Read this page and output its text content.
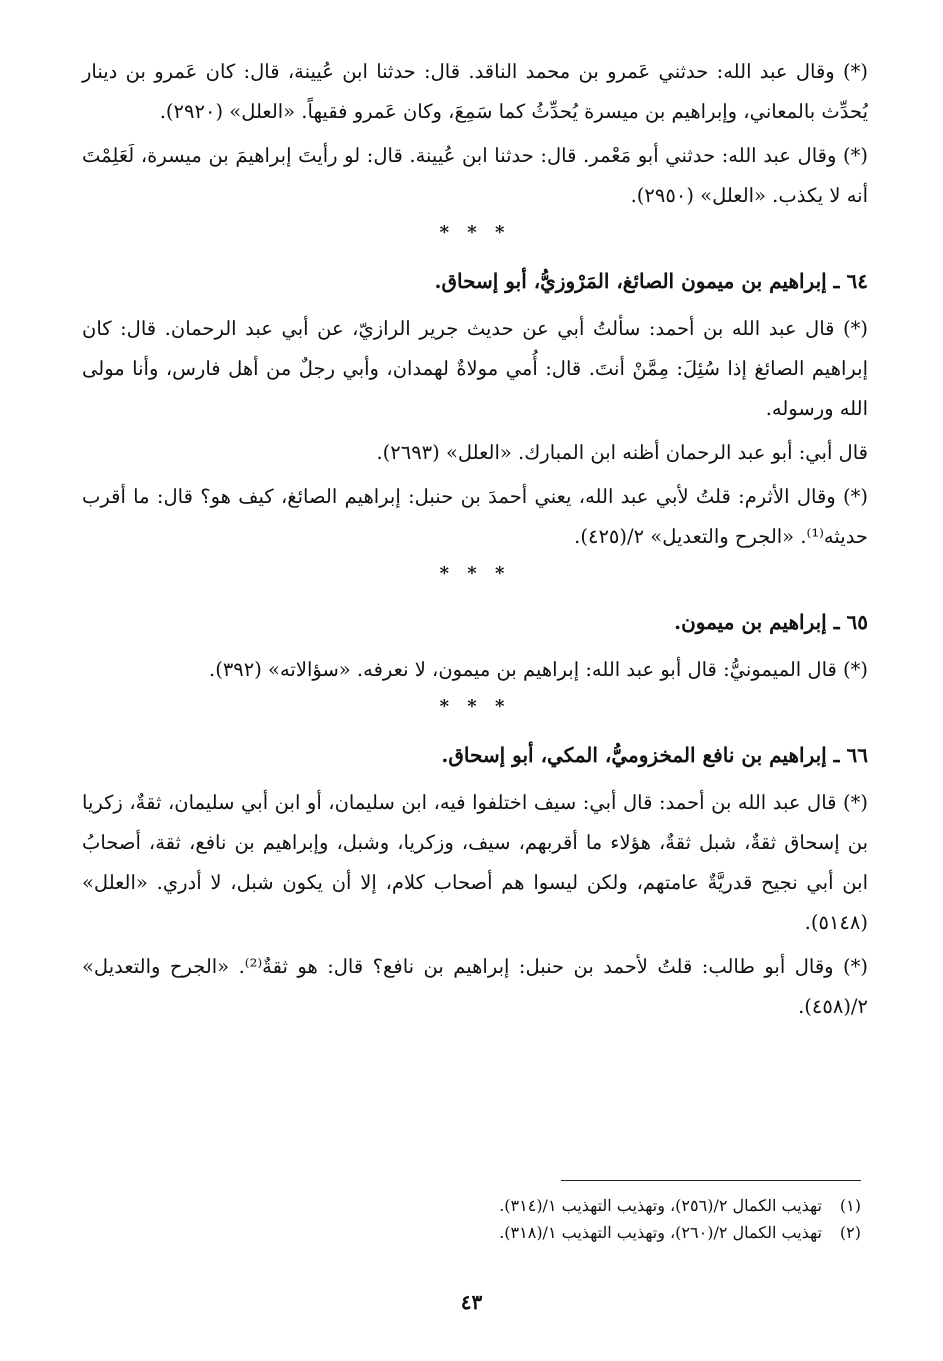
(*) وقال عبد الله: حدثني عَمرو بن محمد الناقد. قال: حدثنا ابن عُيينة، قال: كان عَمرو بن دينار يُحدِّث بالمعاني، وإبراهيم بن ميسرة يُحدِّثُ كما سَمِعَ، وكان عَمرو فقيهاً. «العلل» (٢٩٢٠).

(*) وقال عبد الله: حدثني أبو مَعْمر. قال: حدثنا ابن عُيينة. قال: لو رأيتَ إبراهيمَ بن ميسرة، لَعَلِمْتَ أنه لا يكذب. «العلل» (٢٩٥٠).

* * *
٦٤ ـ إبراهيم بن ميمون الصائغ، المَرْوزيُّ، أبو إسحاق.

(*) قال عبد الله بن أحمد: سألتُ أبي عن حديث جرير الرازيّ، عن أبي عبد الرحمان. قال: كان إبراهيم الصائغ إذا سُئِلَ: مِمَّنْ أنتَ. قال: أُمي مولاةٌ لهمدان، وأبي رجلٌ من أهل فارس، وأنا مولى الله ورسوله.

قال أبي: أبو عبد الرحمان أظنه ابن المبارك. «العلل» (٢٦٩٣).

(*) وقال الأثرم: قلتُ لأبي عبد الله، يعني أحمدَ بن حنبل: إبراهيم الصائغ، كيف هو؟ قال: ما أقرب حديثه⁽¹⁾. «الجرح والتعديل» ٢/(٤٢٥).

* * *
٦٥ ـ إبراهيم بن ميمون.

(*) قال الميمونيُّ: قال أبو عبد الله: إبراهيم بن ميمون، لا نعرفه. «سؤالاته» (٣٩٢).

* * *
٦٦ ـ إبراهيم بن نافع المخزوميُّ، المكي، أبو إسحاق.

(*) قال عبد الله بن أحمد: قال أبي: سيف اختلفوا فيه، ابن سليمان، أو ابن أبي سليمان، ثقةٌ، زكريا بن إسحاق ثقةٌ، شبل ثقةٌ، هؤلاء ما أقربهم، سيف، وزكريا، وشبل، وإبراهيم بن نافع، ثقة، أصحابُ ابن أبي نجيح قدريَّةٌ عامتهم، ولكن ليسوا هم أصحاب كلام، إلا أن يكون شبل، لا أدري. «العلل» (٥١٤٨).

(*) وقال أبو طالب: قلتُ لأحمد بن حنبل: إبراهيم بن نافع؟ قال: هو ثقةٌ⁽²⁾. «الجرح والتعديل» ٢/(٤٥٨).

(١) تهذيب الكمال ٢/(٢٥٦)، وتهذيب التهذيب ١/(٣١٤).
(٢) تهذيب الكمال ٢/(٢٦٠)، وتهذيب التهذيب ١/(٣١٨).
٤٣
